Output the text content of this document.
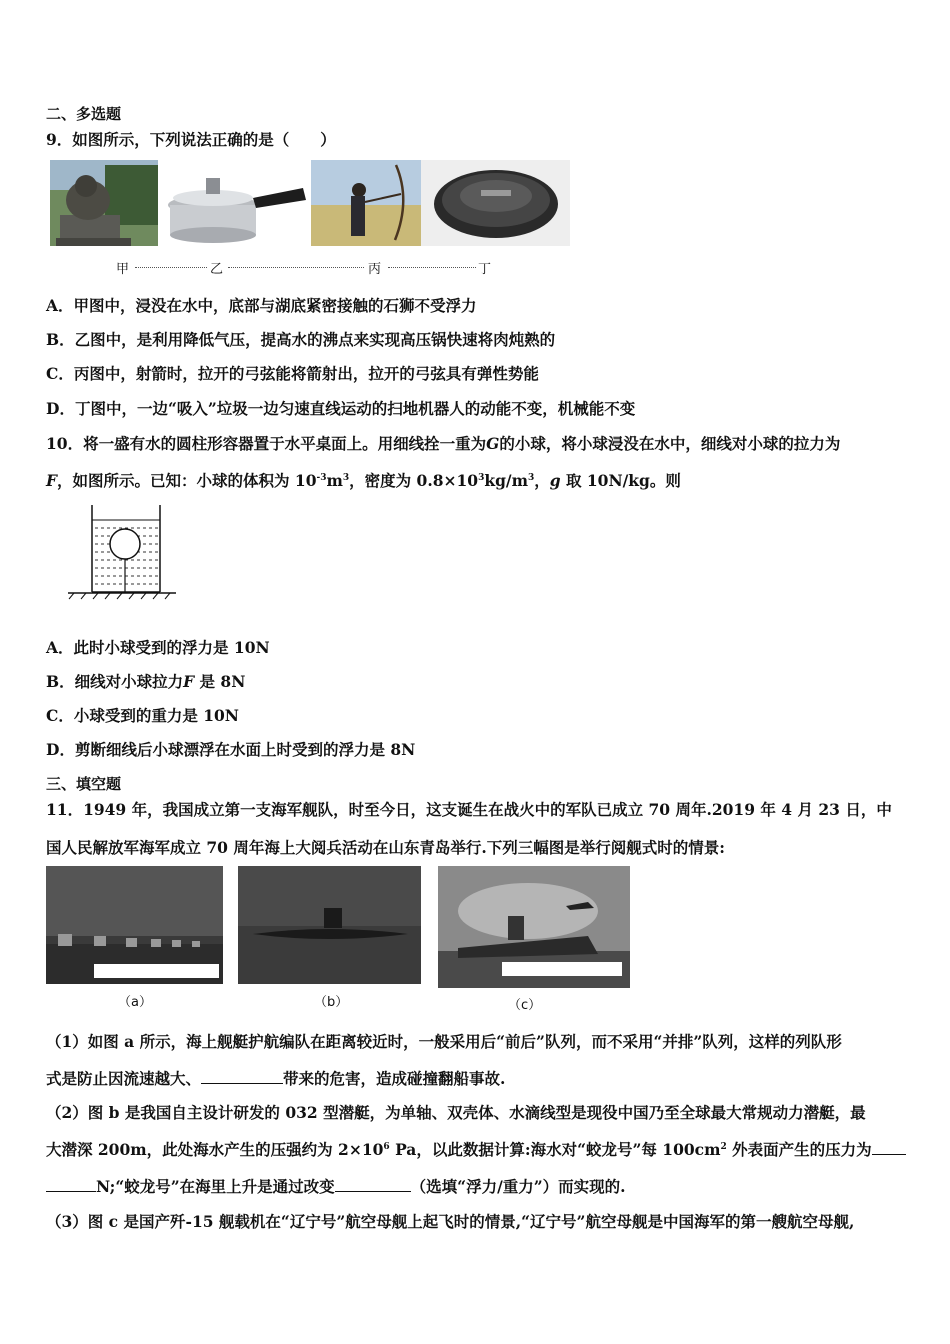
二、多选题
9．如图所示，下列说法正确的是（　　）
甲	乙	丙	丁
A．甲图中，浸没在水中，底部与湖底紧密接触的石狮不受浮力
B．乙图中，是利用降低气压，提高水的沸点来实现高压锅快速将肉炖熟的
C．丙图中，射箭时，拉开的弓弦能将箭射出，拉开的弓弦具有弹性势能
D．丁图中，一边“吸入”垃圾一边匀速直线运动的扫地机器人的动能不变，机械能不变
10．将一盛有水的圆柱形容器置于水平桌面上。用细线拴一重为G的小球，将小球浸没在水中，细线对小球的拉力为
F，如图所示。已知：小球的体积为 $10^{-3}m^3$，密度为 $0.8\times 10^3kg/m^3$，g 取 10N/kg。则
A．此时小球受到的浮力是 10N
B．细线对小球拉力F 是 8N
C．小球受到的重力是 10N
D．剪断细线后小球漂浮在水面上时受到的浮力是 8N
三、填空题
11．1949 年，我国成立第一支海军舰队，时至今日，这支诞生在战火中的军队已成立 70 周年.2019 年 4 月 23 日，中
国人民解放军海军成立 70 周年海上大阅兵活动在山东青岛举行.下列三幅图是举行阅舰式时的情景:
（a）	（b）	（c）
（1）如图 a 所示，海上舰艇护航编队在距离较近时，一般采用后“前后”队列，而不采用“并排”队列，这样的列队形
式是防止因流速越大、	带来的危害，造成碰撞翻船事故.
（2）图 b 是我国自主设计研发的 032 型潜艇，为单轴、双壳体、水滴线型是现役中国乃至全球最大常规动力潜艇，最
大潜深 200m，此处海水产生的压强约为 $2\times 10^6$ Pa，以此数据计算:海水对“蛟龙号”每 $100cm^2$ 外表面产生的压力为
N;“蛟龙号”在海里上升是通过改变	（选填“浮力/重力”）而实现的.
（3）图 c 是国产歼-15 舰载机在“辽宁号”航空母舰上起飞时的情景,“辽宁号”航空母舰是中国海军的第一艘航空母舰,
